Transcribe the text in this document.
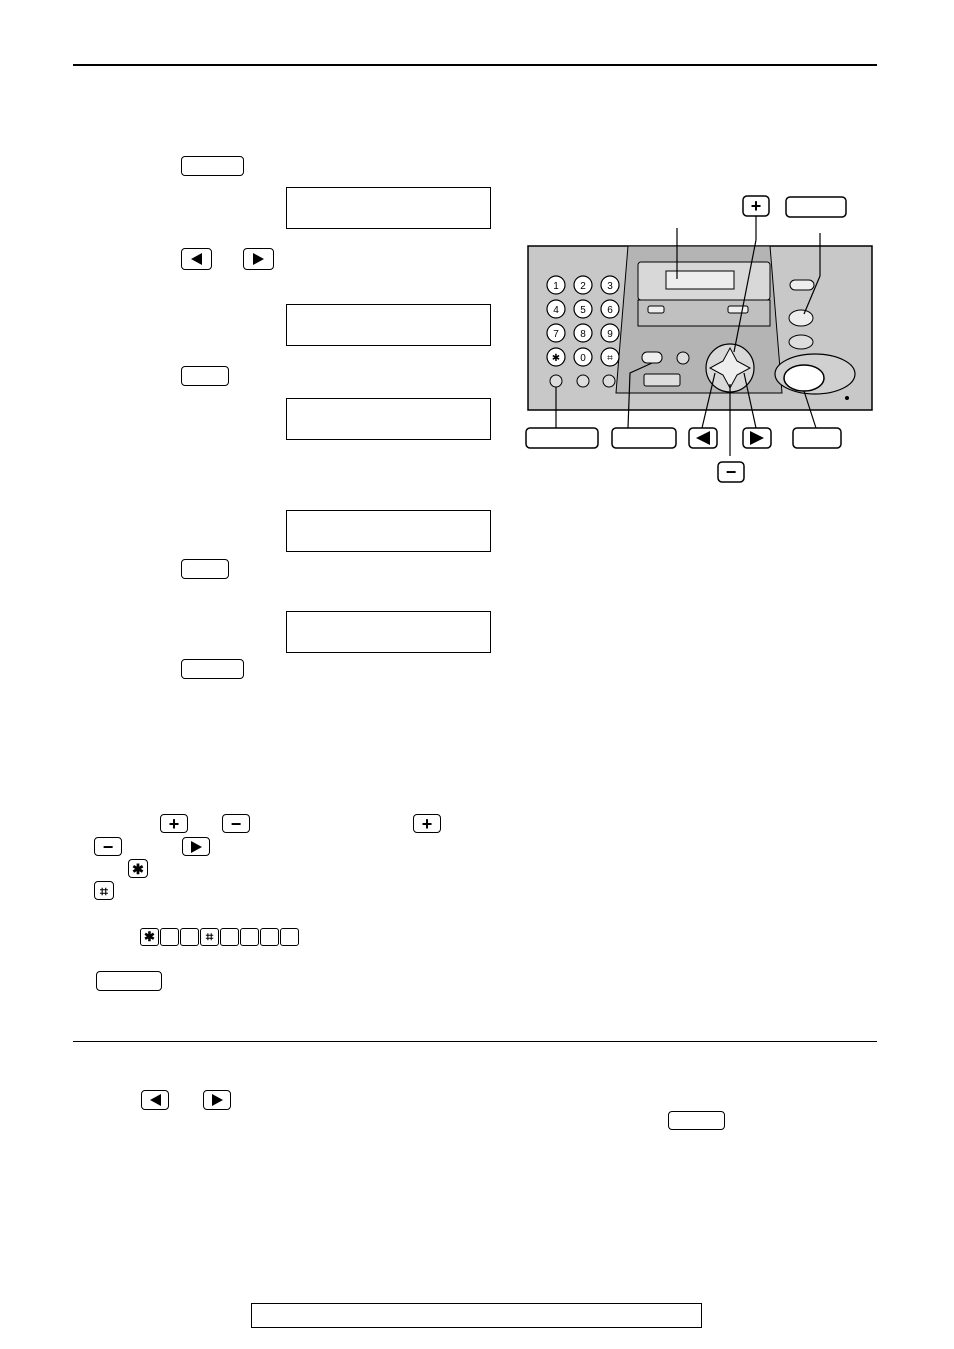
+	−	+
−
✱
⌗
✱	⌗
+
1 2 3
4 5 6
7 8 9
✱ 0 ⌗
−
